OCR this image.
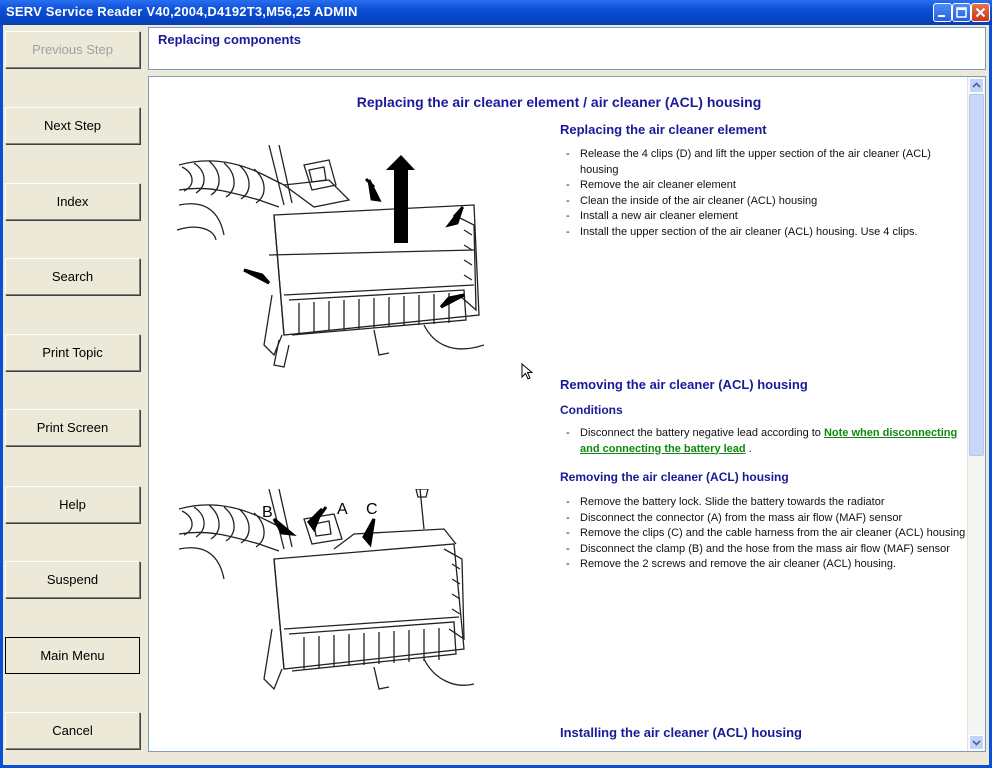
SERV Service Reader V40,2004,D4192T3,M56,25 ADMIN
Previous Step
Next Step
Index
Search
Print Topic
Print Screen
Help
Suspend
Main Menu
Cancel
Replacing components
Replacing the air cleaner element / air cleaner (ACL) housing
A
B	C
Replacing the air cleaner element
- Release the 4 clips (D) and lift the upper section of the air cleaner (ACL) housing
- Remove the air cleaner element
- Clean the inside of the air cleaner (ACL) housing
- Install a new air cleaner element
- Install the upper section of the air cleaner (ACL) housing. Use 4 clips.
Removing the air cleaner (ACL) housing
Conditions
- Disconnect the battery negative lead according to Note when disconnecting and connecting the battery lead .
Removing the air cleaner (ACL) housing
- Remove the battery lock. Slide the battery towards the radiator
- Disconnect the connector (A) from the mass air flow (MAF) sensor
- Remove the clips (C) and the cable harness from the air cleaner (ACL) housing
- Disconnect the clamp (B) and the hose from the mass air flow (MAF) sensor
- Remove the 2 screws and remove the air cleaner (ACL) housing.
Installing the air cleaner (ACL) housing
